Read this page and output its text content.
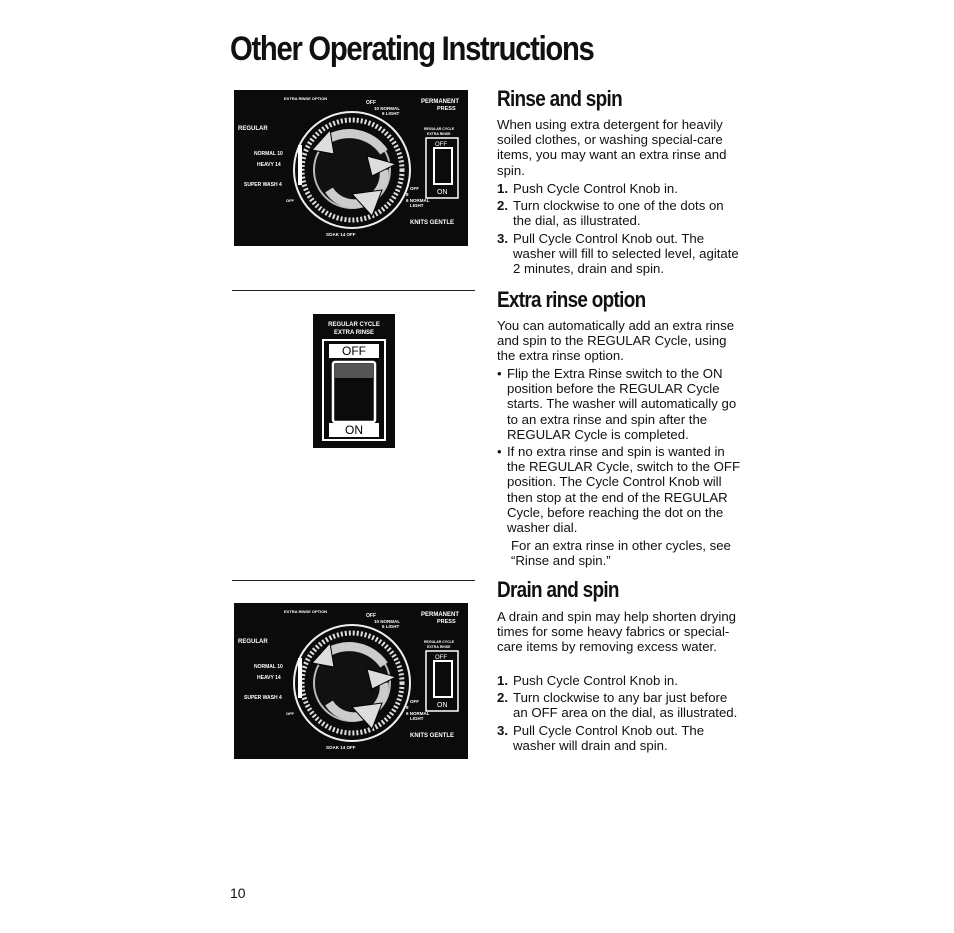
Other Operating Instructions
EXTRA RINSE OPTION
OFF
10 NORMAL
6 LIGHT
PERMANENT
PRESS
REGULAR CYCLE
EXTRA RINSE
REGULAR
NORMAL 10
HEAVY 14
SUPER WASH 4
OFF
OFF
8
6 NORMAL
LIGHT
KNITS GENTLE
SOAK 14 OFF
OFF
ON
Rinse and spin

When using extra detergent for heavily soiled clothes, or washing special-care items, you may want an extra rinse and spin.

1. Push Cycle Control Knob in.
2. Turn clockwise to one of the dots on the dial, as illustrated.
3. Pull Cycle Control Knob out. The washer will fill to selected level, agitate 2 minutes, drain and spin.
REGULAR CYCLE
EXTRA RINSE
OFF
ON
Extra rinse option

You can automatically add an extra rinse and spin to the REGULAR Cycle, using the extra rinse option.

• Flip the Extra Rinse switch to the ON position before the REGULAR Cycle starts. The washer will automatically go to an extra rinse and spin after the REGULAR Cycle is completed.
• If no extra rinse and spin is wanted in the REGULAR Cycle, switch to the OFF position. The Cycle Control Knob will then stop at the end of the REGULAR Cycle, before reaching the dot on the washer dial.

For an extra rinse in other cycles, see “Rinse and spin.”

EXTRA RINSE OPTION
OFF
10 NORMAL
6 LIGHT
PERMANENT
PRESS
REGULAR CYCLE
EXTRA RINSE
REGULAR
NORMAL 10
HEAVY 14
SUPER WASH 4
OFF
OFF
8
6 NORMAL
LIGHT
KNITS GENTLE
SOAK 14 OFF
OFF
ON
Drain and spin

A drain and spin may help shorten drying times for some heavy fabrics or special-care items by removing excess water.

1. Push Cycle Control Knob in.
2. Turn clockwise to any bar just before an OFF area on the dial, as illustrated.
3. Pull Cycle Control Knob out. The washer will drain and spin.
10
